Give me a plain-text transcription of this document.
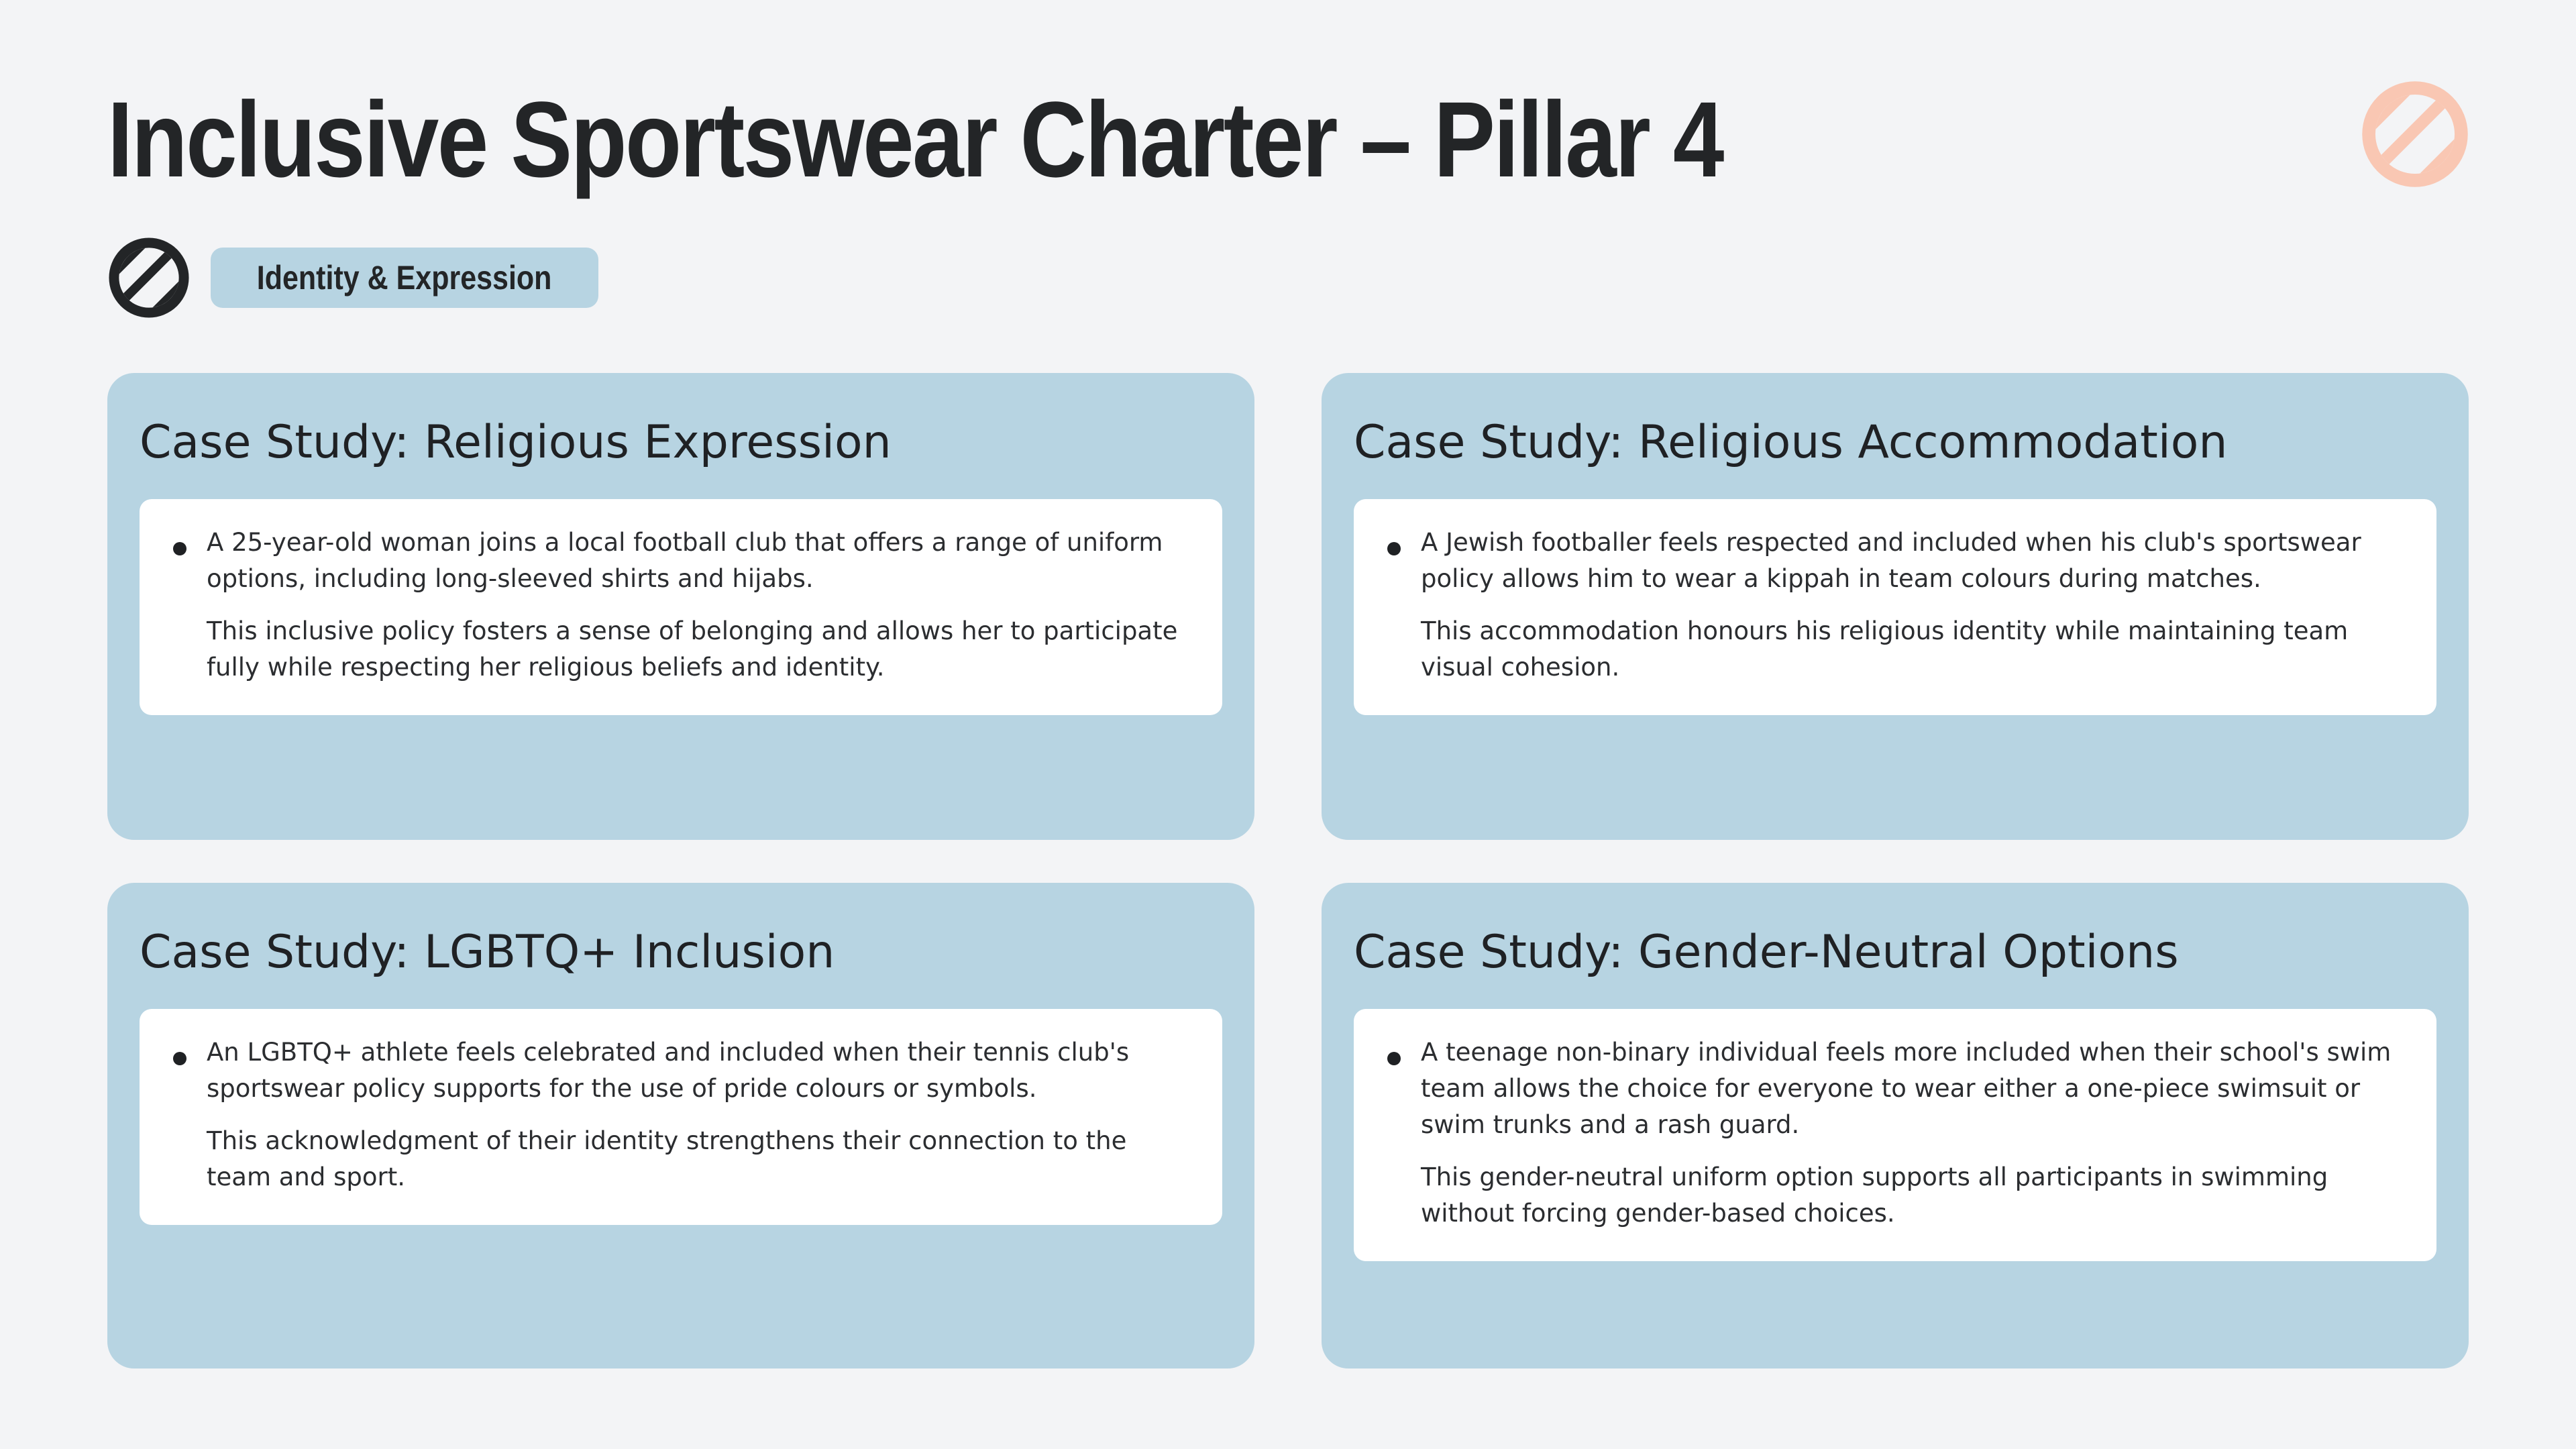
Inclusive Sportswear Charter – Pillar 4
Identity & Expression
Case Study: Religious Expression

A 25-year-old woman joins a local football club that offers a range of uniform options, including long-sleeved shirts and hijabs.

This inclusive policy fosters a sense of belonging and allows her to participate fully while respecting her religious beliefs and identity.

Case Study: Religious Accommodation

A Jewish footballer feels respected and included when his club's sportswear policy allows him to wear a kippah in team colours during matches.

This accommodation honours his religious identity while maintaining team visual cohesion.

Case Study: LGBTQ+ Inclusion

An LGBTQ+ athlete feels celebrated and included when their tennis club's sportswear policy supports for the use of pride colours or symbols.

This acknowledgment of their identity strengthens their connection to the team and sport.

Case Study: Gender-Neutral Options

A teenage non-binary individual feels more included when their school's swim team allows the choice for everyone to wear either a one-piece swimsuit or swim trunks and a rash guard.

This gender-neutral uniform option supports all participants in swimming without forcing gender-based choices.
